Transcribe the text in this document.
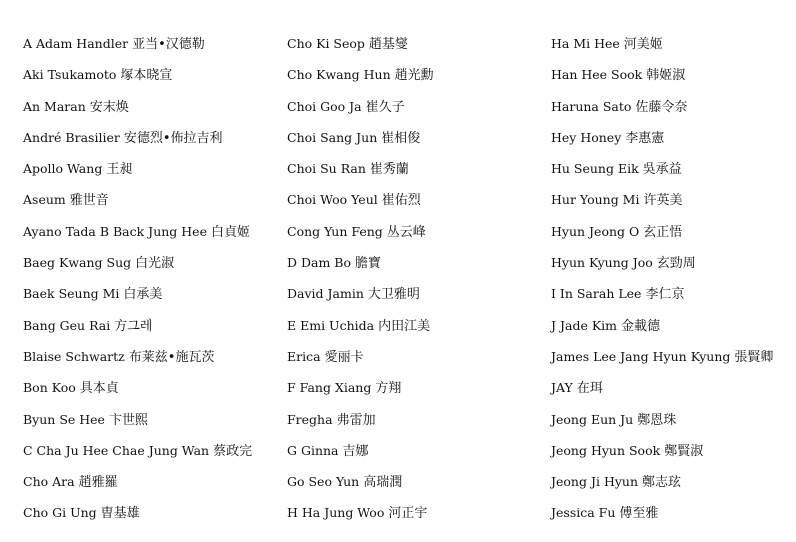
A Adam Handler 亚当•汉德勒
Aki Tsukamoto 塚本晓宣
An Maran 安末焕
André Brasilier 安德烈•佈拉吉利
Apollo Wang 王昶
Aseum 雅世音
Ayano Tada B Back Jung Hee 白貞姬
Baeg Kwang Sug 白光淑
Baek Seung Mi 白承美
Bang Geu Rai 方그레
Blaise Schwartz 布莱兹•施瓦茨
Bon Koo 具本貞
Byun Se Hee 卞世熙
C Cha Ju Hee Chae Jung Wan 蔡政完
Cho Ara 趙雅羅
Cho Gi Ung 曺基雄
Cho Ki Seop 趙基燮
Cho Kwang Hun 趙光勳
Choi Goo Ja 崔久子
Choi Sang Jun 崔相俊
Choi Su Ran 崔秀蘭
Choi Woo Yeul 崔佑烈
Cong Yun Feng 丛云峰
D Dam Bo 膽寶
David Jamin 大卫雅明
E Emi Uchida 内田江美
Erica 愛丽卡
F Fang Xiang 方翔
Fregha 弗雷加
G Ginna 吉娜
Go Seo Yun 高瑞潤
H Ha Jung Woo 河正宇
Ha Mi Hee 河美姬
Han Hee Sook 韩姬淑
Haruna Sato 佐藤令奈
Hey Honey 李惠憲
Hu Seung Eik 吳承益
Hur Young Mi 许英美
Hyun Jeong O 玄正悟
Hyun Kyung Joo 玄勁周
I In Sarah Lee 李仁京
J Jade Kim 金載德
James Lee Jang Hyun Kyung 張賢卿
JAY 在珥
Jeong Eun Ju 鄭恩珠
Jeong Hyun Sook 鄭賢淑
Jeong Ji Hyun 鄭志玹
Jessica Fu 傅至雅
